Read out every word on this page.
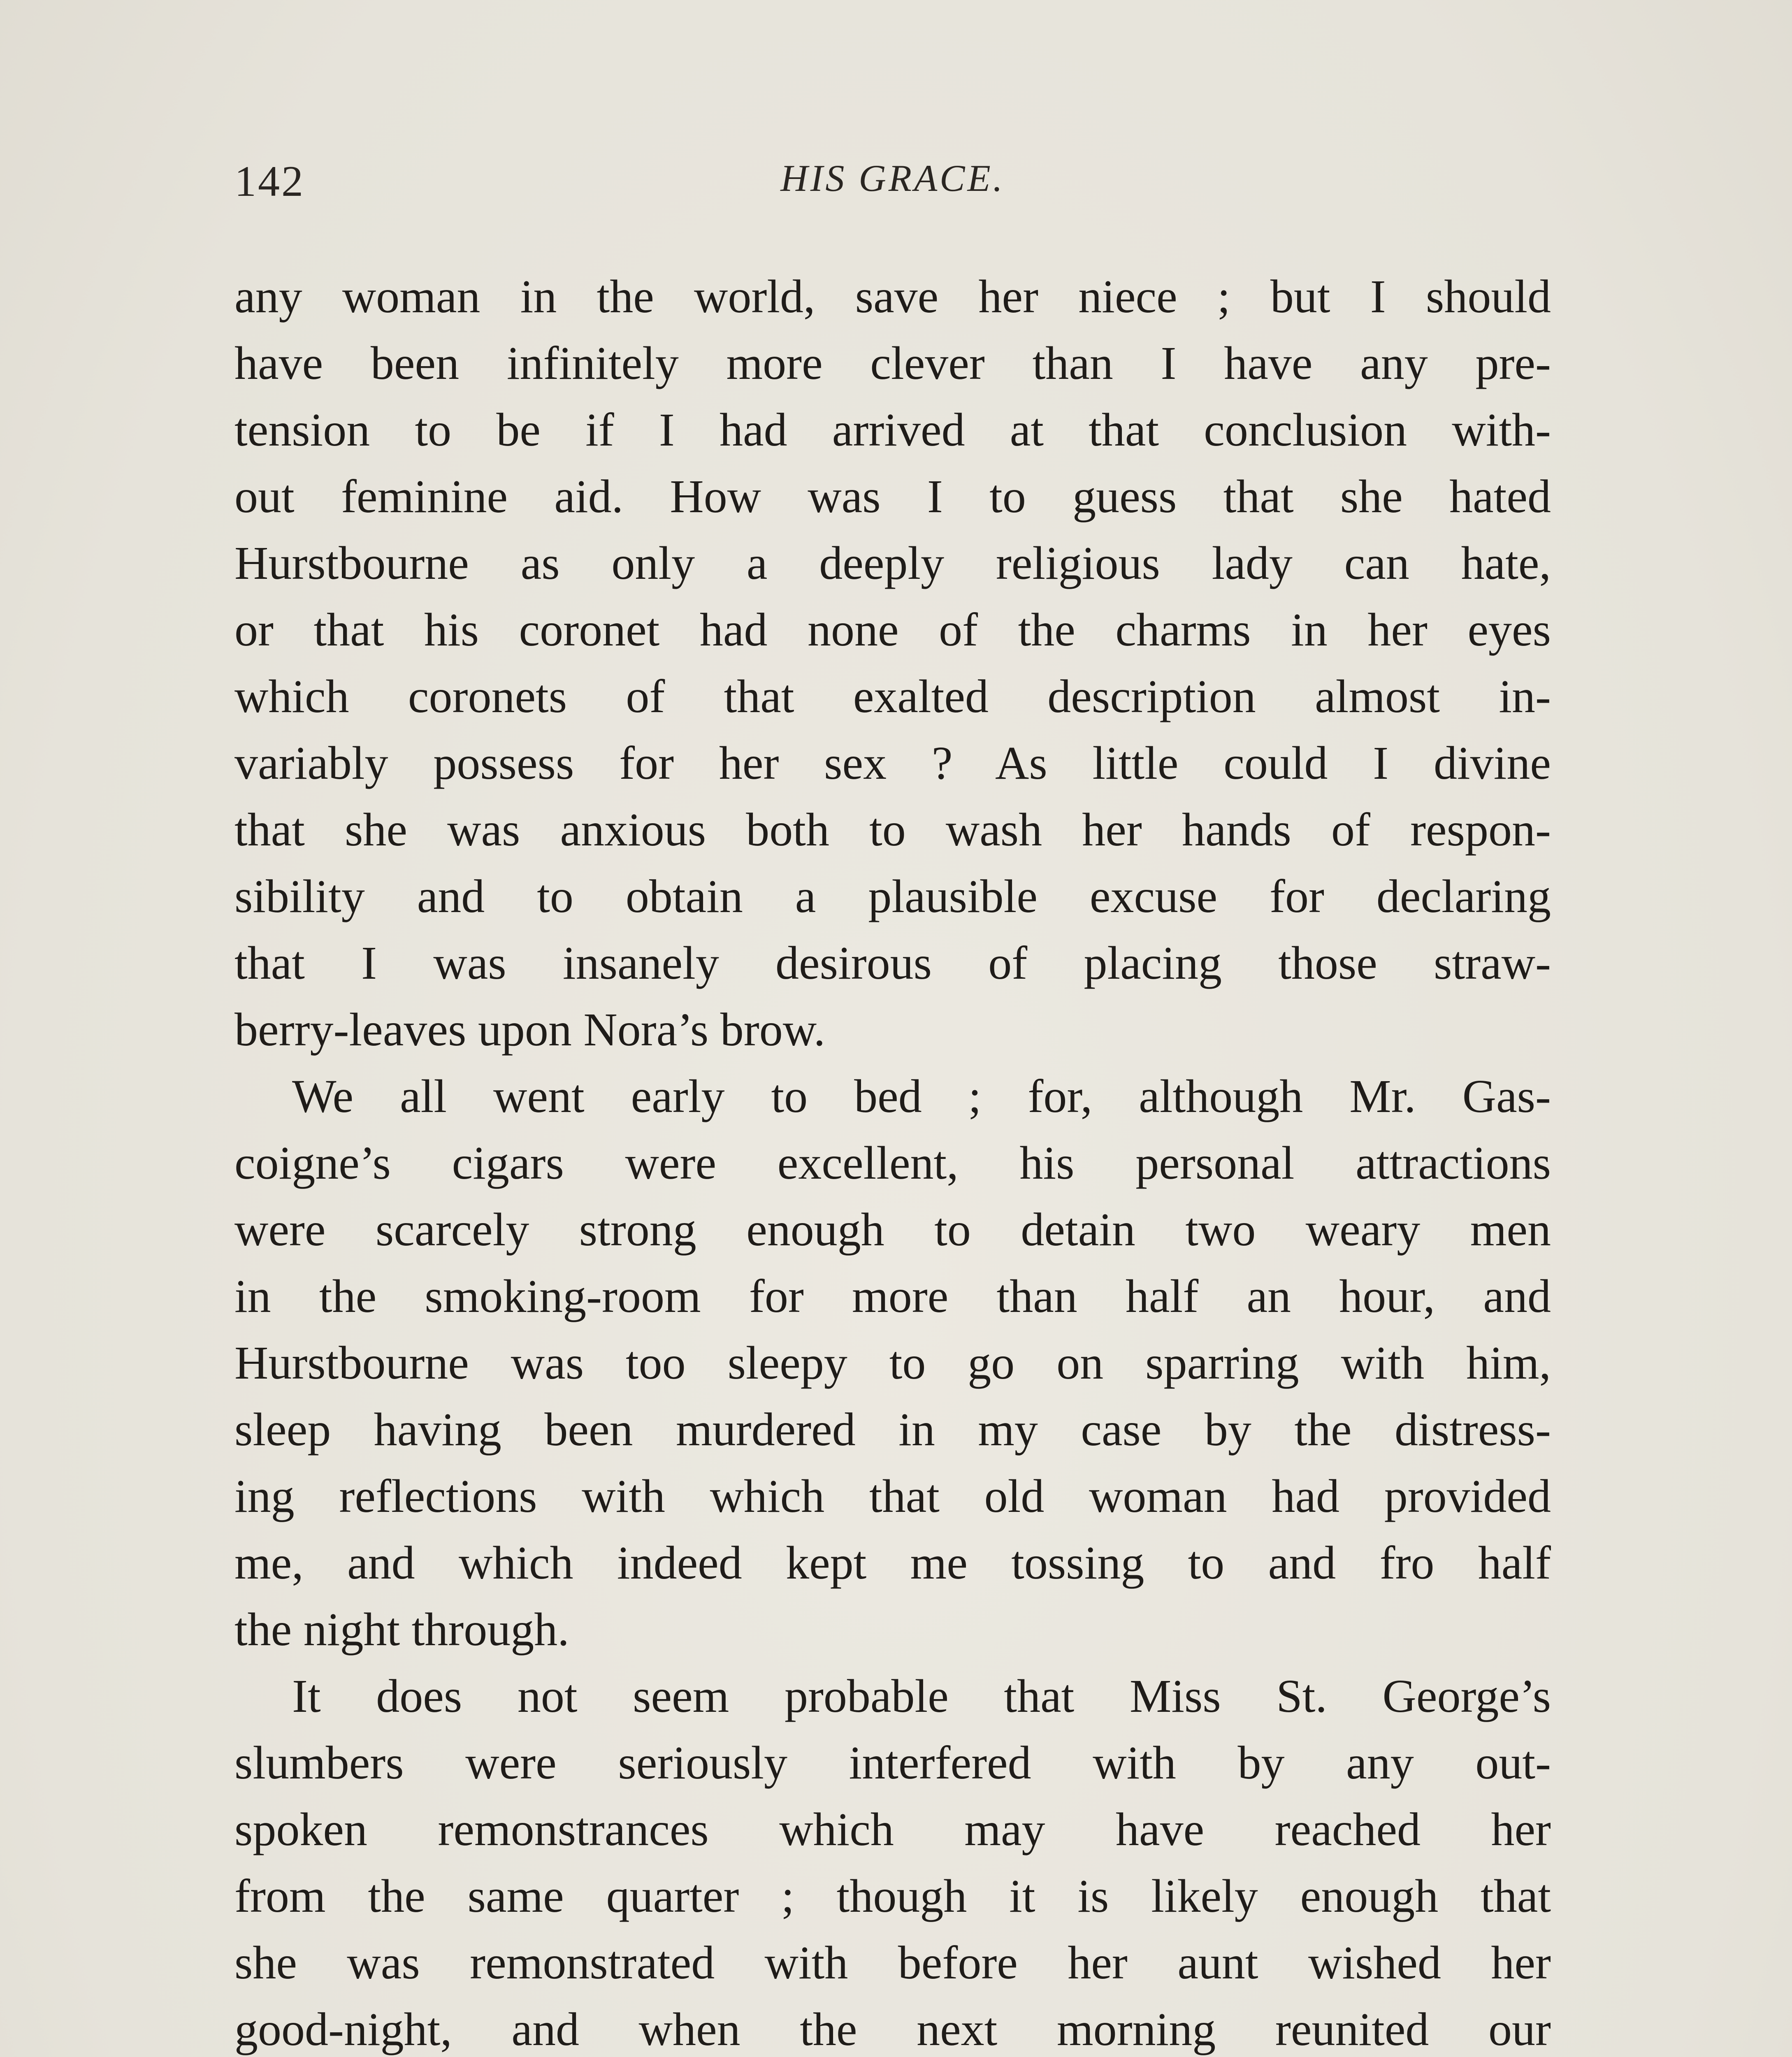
142	HIS GRACE.
any woman in the world, save her niece ; but I should
have been infinitely more clever than I have any pre-
tension to be if I had arrived at that conclusion with-
out feminine aid. How was I to guess that she hated
Hurstbourne as only a deeply religious lady can hate,
or that his coronet had none of the charms in her eyes
which coronets of that exalted description almost in-
variably possess for her sex ? As little could I divine
that she was anxious both to wash her hands of respon-
sibility and to obtain a plausible excuse for declaring
that I was insanely desirous of placing those straw-
berry-leaves upon Nora’s brow.
We all went early to bed ; for, although Mr. Gas-
coigne’s cigars were excellent, his personal attractions
were scarcely strong enough to detain two weary men
in the smoking-room for more than half an hour, and
Hurstbourne was too sleepy to go on sparring with him,
sleep having been murdered in my case by the distress-
ing reflections with which that old woman had provided
me, and which indeed kept me tossing to and fro half
the night through.
It does not seem probable that Miss St. George’s
slumbers were seriously interfered with by any out-
spoken remonstrances which may have reached her
from the same quarter ; though it is likely enough that
she was remonstrated with before her aunt wished her
good-night, and when the next morning reunited our
